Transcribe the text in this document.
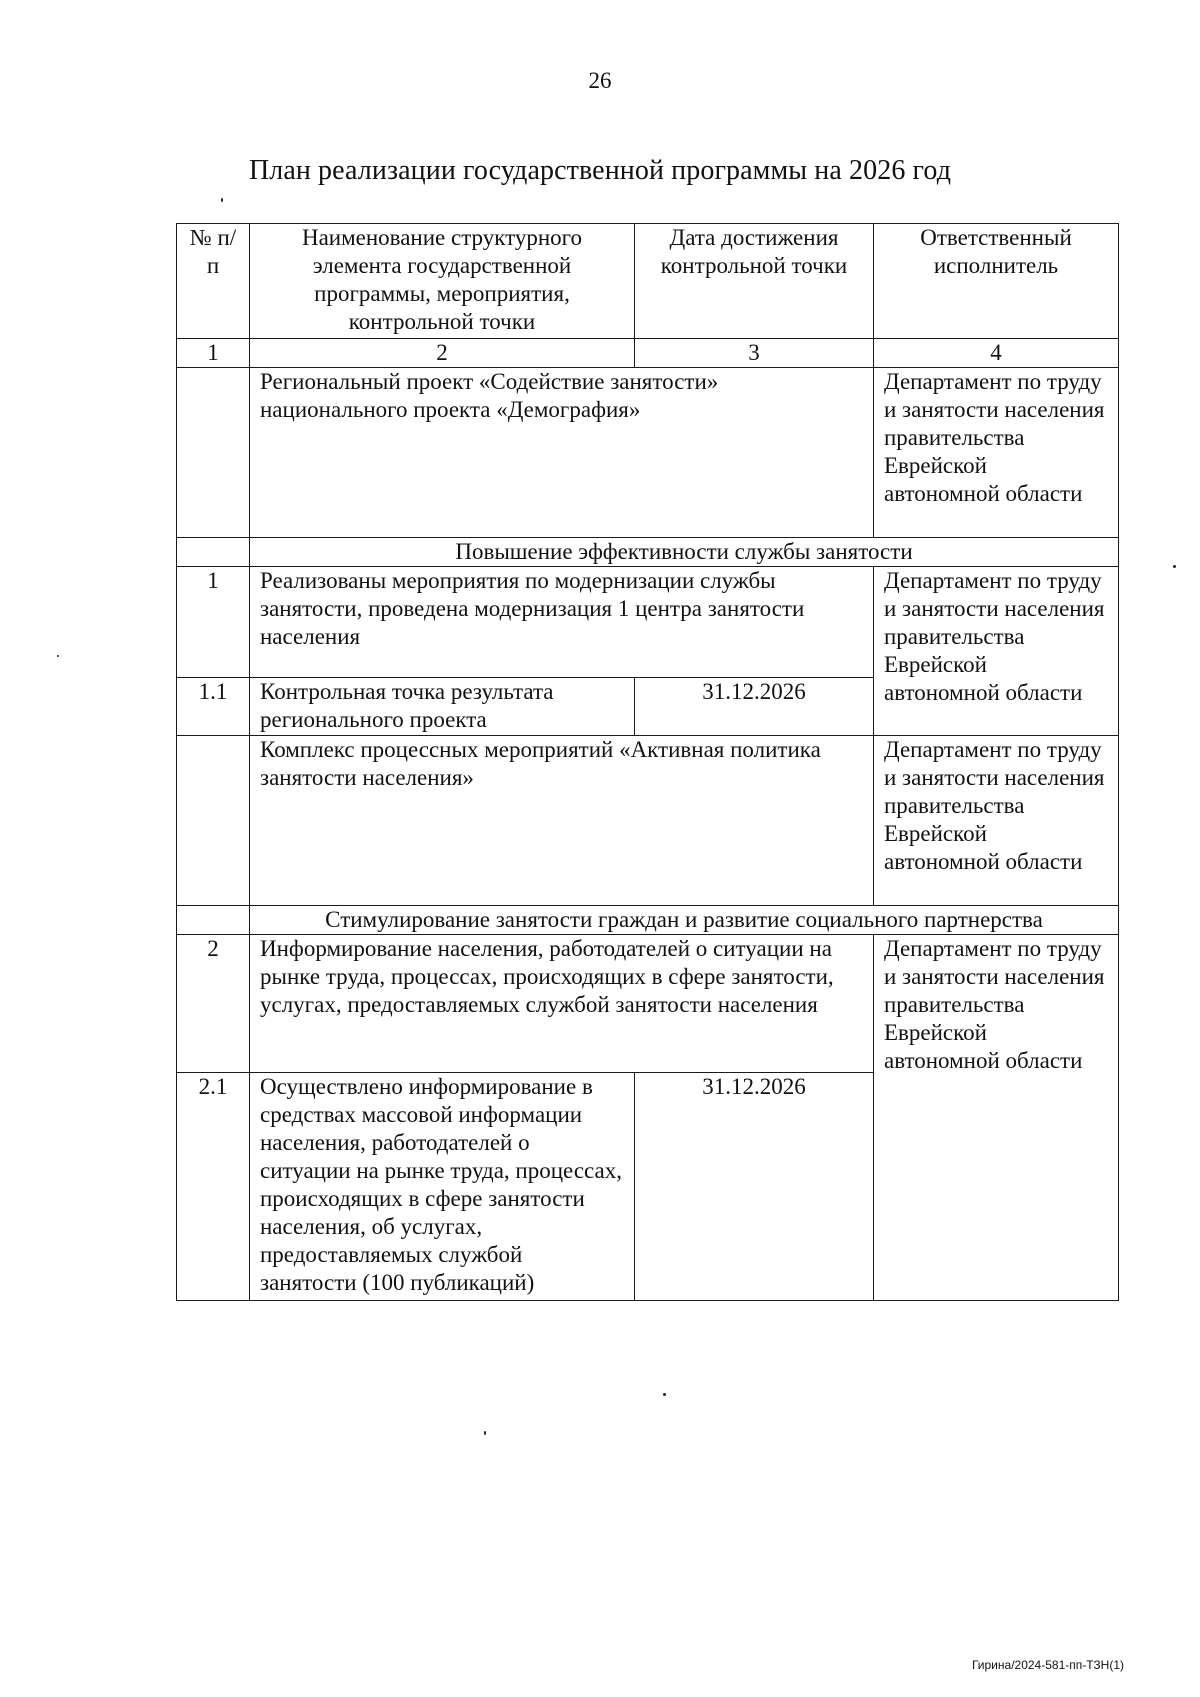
26
План реализации государственной программы на 2026 год
№ п/п	Наименование структурного элемента государственной программы, мероприятия, контрольной точки	Дата достижения контрольной точки	Ответственный исполнитель
1	2	3	4
	Региональный проект «Содействие занятости» национального проекта «Демография»		Департамент по труду и занятости населения правительства Еврейской автономной области
	Повышение эффективности службы занятости		
1	Реализованы мероприятия по модернизации службы занятости, проведена модернизация 1 центра занятости населения		Департамент по труду и занятости населения правительства Еврейской автономной области
1.1	Контрольная точка результата регионального проекта	31.12.2026	
	Комплекс процессных мероприятий «Активная политика занятости населения»		Департамент по труду и занятости населения правительства Еврейской автономной области
	Стимулирование занятости граждан и развитие социального партнерства		
2	Информирование населения, работодателей о ситуации на рынке труда, процессах, происходящих в сфере занятости, услугах, предоставляемых службой занятости населения		Департамент по труду и занятости населения правительства Еврейской автономной области
2.1	Осуществлено информирование в средствах массовой информации населения, работодателей о ситуации на рынке труда, процессах, происходящих в сфере занятости населения, об услугах, предоставляемых службой занятости (100 публикаций)	31.12.2026	
Гирина/2024-581-пп-ТЗН(1)
